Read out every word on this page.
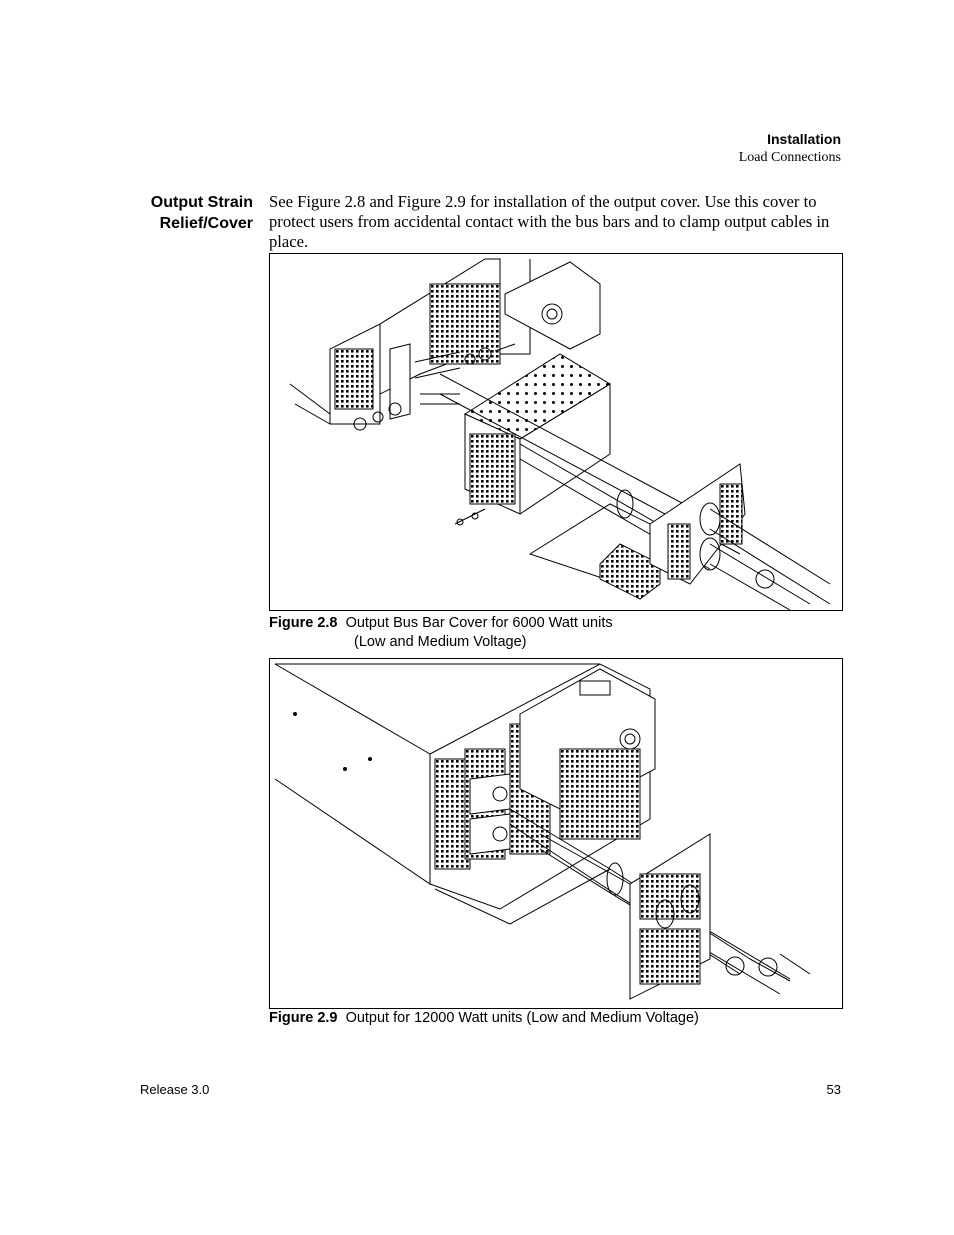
Installation
Load Connections
Output Strain
Relief/Cover
See Figure 2.8 and Figure 2.9 for installation of the output cover. Use this cover to protect users from accidental contact with the bus bars and to clamp output cables in place.
Figure 2.8 Output Bus Bar Cover for 6000 Watt units
(Low and Medium Voltage)
Figure 2.9 Output for 12000 Watt units (Low and Medium Voltage)
Release 3.0	53
